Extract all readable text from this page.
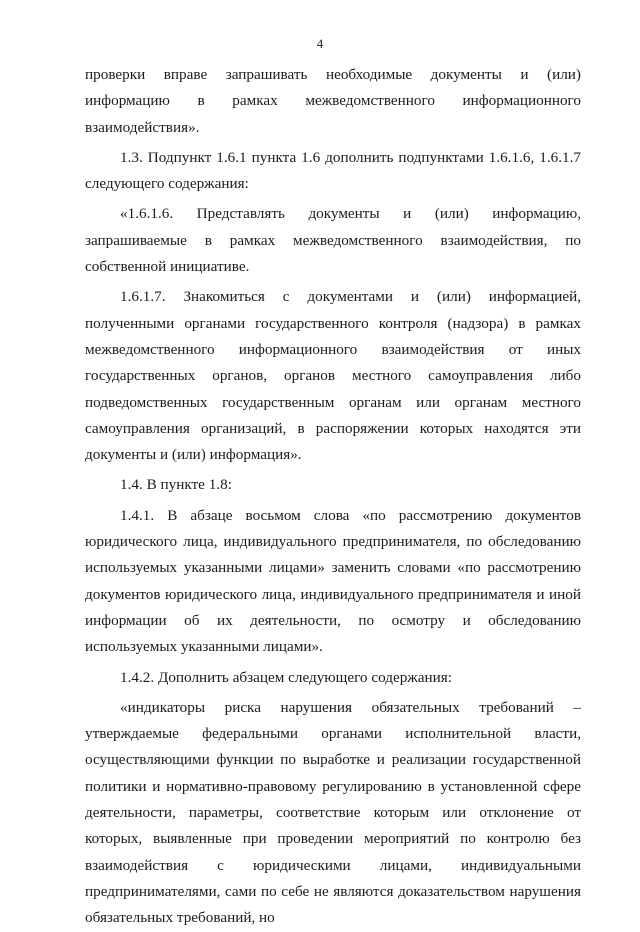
4

проверки вправе запрашивать необходимые документы и (или) информацию в рамках межведомственного информационного взаимодействия».

1.3. Подпункт 1.6.1 пункта 1.6 дополнить подпунктами 1.6.1.6, 1.6.1.7 следующего содержания:

«1.6.1.6. Представлять документы и (или) информацию, запрашиваемые в рамках межведомственного взаимодействия, по собственной инициативе.

1.6.1.7. Знакомиться с документами и (или) информацией, полученными органами государственного контроля (надзора) в рамках межведомственного информационного взаимодействия от иных государственных органов, органов местного самоуправления либо подведомственных государственным органам или органам местного самоуправления организаций, в распоряжении которых находятся эти документы и (или) информация».

1.4. В пункте 1.8:

1.4.1. В абзаце восьмом слова «по рассмотрению документов юридического лица, индивидуального предпринимателя, по обследованию используемых указанными лицами» заменить словами «по рассмотрению документов юридического лица, индивидуального предпринимателя и иной информации об их деятельности, по осмотру и обследованию используемых указанными лицами».

1.4.2. Дополнить абзацем следующего содержания:

«индикаторы риска нарушения обязательных требований – утверждаемые федеральными органами исполнительной власти, осуществляющими функции по выработке и реализации государственной политики и нормативно-правовому регулированию в установленной сфере деятельности, параметры, соответствие которым или отклонение от которых, выявленные при проведении мероприятий по контролю без взаимодействия с юридическими лицами, индивидуальными предпринимателями, сами по себе не являются доказательством нарушения обязательных требований, но
